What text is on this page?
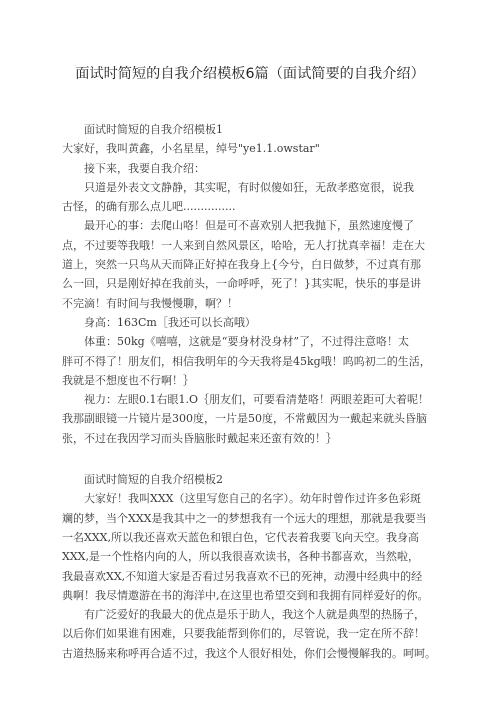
面试时简短的自我介绍模板6篇（面试简要的自我介绍）

面试时简短的自我介绍模板1

大家好，我叫黄鑫，小名星星，绰号"ye1.1.owstar"

接下来，我要自我介绍：

只道是外表文文静静，其实呢，有时似傻如狂，无敌孝憨宽很，说我

古怪，的确有那么点儿吧...............

最开心的事：去爬山咯！但是可不喜欢别人把我抛下，虽然速度慢了

点，不过要等我哦！一人来到自然风景区，哈哈，无人打扰真幸福！走在大

道上，突然一只鸟从天而降正好掉在我身上{今兮，白日做梦，不过真有那

么一回，只是刚好掉在我前头，一命呼呼，死了！}其实呢，快乐的事是讲

不完滴！有时间与我慢慢聊，啊？！

身高：163Cm［我还可以长高哦）

体重：50kg《嘻嘻，这就是“要身材没身材”了，不过得注意咯！太

胖可不得了！朋友们，相信我明年的今天我将是45kg哦！呜呜初二的生活，

我就是不想度也不行啊！｝

视力：左眼0.1右眼1.O｛朋友们，可要看清楚咯！两眼差距可大着呢！

我那副眼镜一片镜片是300度，一片是50度，不常戴因为一戴起来就头昏脑

张，不过在我因学习而头昏脑胀时戴起来还蛮有效的！｝

面试时简短的自我介绍模板2

大家好！我叫XXX（这里写您自己的名字）。幼年时曾作过许多色彩斑

斓的梦，当个XXX是我其中之一的梦想我有一个远大的理想，那就是我要当

一名XXX,所以我还喜欢天蓝色和银白色，它代表着我要飞向天空。我身高

XXX,是一个性格内向的人，所以我很喜欢读书，各种书都喜欢，当然啦，

我最喜欢XX,不知道大家是否看过另我喜欢不已的死神，动漫中经典中的经

典啊！我尽情遨游在书的海洋中,在这里也希望交到和我拥有同样爱好的你。

有广泛爱好的我最大的优点是乐于助人，我这个人就是典型的热肠子，

以后你们如果谁有困难，只要我能帮到你们的，尽管说，我一定在所不辞！

古道热肠来称呼再合适不过，我这个人很好相处，你们会慢慢解我的。呵呵。
